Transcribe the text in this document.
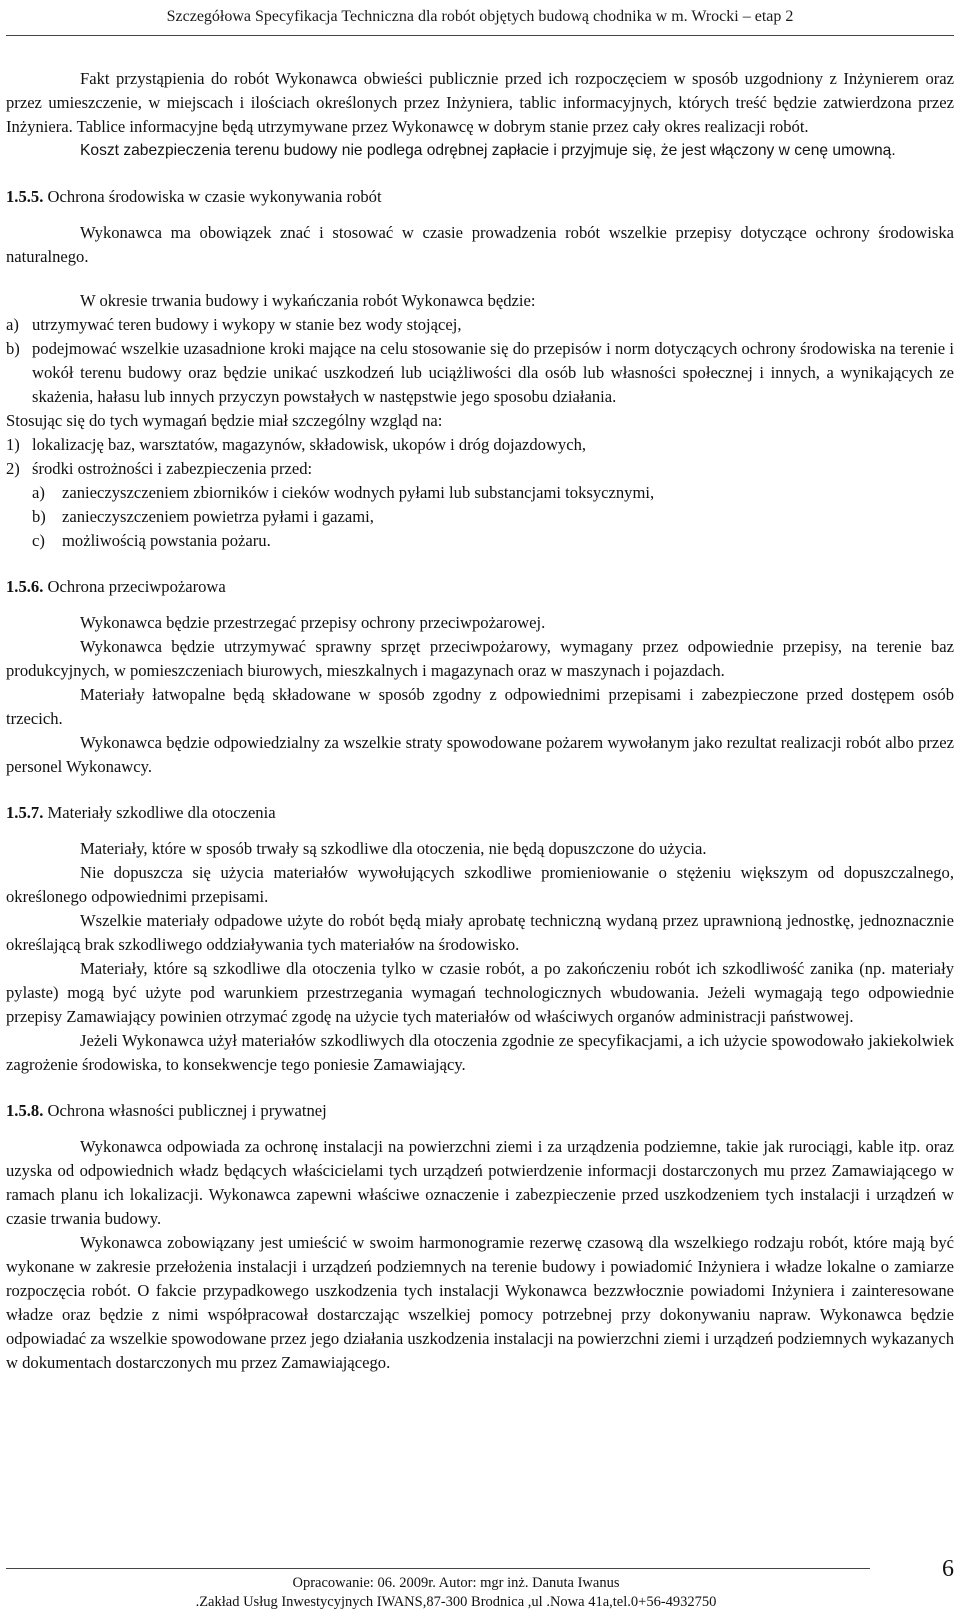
Szczegółowa Specyfikacja Techniczna dla robót objętych budową chodnika w m. Wrocki – etap 2

Fakt przystąpienia do robót Wykonawca obwieści publicznie przed ich rozpoczęciem w sposób uzgodniony z Inżynierem oraz przez umieszczenie, w miejscach i ilościach określonych przez Inżyniera, tablic informacyjnych, których treść będzie zatwierdzona przez Inżyniera. Tablice informacyjne będą utrzymywane przez Wykonawcę w dobrym stanie przez cały okres realizacji robót.

Koszt zabezpieczenia terenu budowy nie podlega odrębnej zapłacie i przyjmuje się, że jest włączony w cenę umowną.

1.5.5. Ochrona środowiska w czasie wykonywania robót

Wykonawca ma obowiązek znać i stosować w czasie prowadzenia robót wszelkie przepisy dotyczące ochrony środowiska naturalnego.

W okresie trwania budowy i wykańczania robót Wykonawca będzie:

a) utrzymywać teren budowy i wykopy w stanie bez wody stojącej,
b) podejmować wszelkie uzasadnione kroki mające na celu stosowanie się do przepisów i norm dotyczących ochrony środowiska na terenie i wokół terenu budowy oraz będzie unikać uszkodzeń lub uciążliwości dla osób lub własności społecznej i innych, a wynikających ze skażenia, hałasu lub innych przyczyn powstałych w następstwie jego sposobu działania.

Stosując się do tych wymagań będzie miał szczególny wzgląd na:

1) lokalizację baz, warsztatów, magazynów, składowisk, ukopów i dróg dojazdowych,
2) środki ostrożności i zabezpieczenia przed:
a)	zanieczyszczeniem zbiorników i cieków wodnych pyłami lub substancjami toksycznymi,
b) zanieczyszczeniem powietrza pyłami i gazami,
c)	możliwością powstania pożaru.

1.5.6. Ochrona przeciwpożarowa

Wykonawca będzie przestrzegać przepisy ochrony przeciwpożarowej.

Wykonawca będzie utrzymywać sprawny sprzęt przeciwpożarowy, wymagany przez odpowiednie przepisy, na terenie baz produkcyjnych, w pomieszczeniach biurowych, mieszkalnych i magazynach oraz w maszynach i pojazdach.

Materiały łatwopalne będą składowane w sposób zgodny z odpowiednimi przepisami i zabezpieczone przed dostępem osób trzecich.

Wykonawca będzie odpowiedzialny za wszelkie straty spowodowane pożarem wywołanym jako rezultat realizacji robót albo przez personel Wykonawcy.

1.5.7. Materiały szkodliwe dla otoczenia

Materiały, które w sposób trwały są szkodliwe dla otoczenia, nie będą dopuszczone do użycia.

Nie dopuszcza się użycia materiałów wywołujących szkodliwe promieniowanie o stężeniu większym od dopuszczalnego, określonego odpowiednimi przepisami.

Wszelkie materiały odpadowe użyte do robót będą miały aprobatę techniczną wydaną przez uprawnioną jednostkę, jednoznacznie określającą brak szkodliwego oddziaływania tych materiałów na środowisko.

Materiały, które są szkodliwe dla otoczenia tylko w czasie robót, a po zakończeniu robót ich szkodliwość zanika (np. materiały pylaste) mogą być użyte pod warunkiem przestrzegania wymagań technologicznych wbudowania. Jeżeli wymagają tego odpowiednie przepisy Zamawiający powinien otrzymać zgodę na użycie tych materiałów od właściwych organów administracji państwowej.

Jeżeli Wykonawca użył materiałów szkodliwych dla otoczenia zgodnie ze specyfikacjami, a ich użycie spowodowało jakiekolwiek zagrożenie środowiska, to konsekwencje tego poniesie Zamawiający.

1.5.8. Ochrona własności publicznej i prywatnej

Wykonawca odpowiada za ochronę instalacji na powierzchni ziemi i za urządzenia podziemne, takie jak rurociągi, kable itp. oraz uzyska od odpowiednich władz będących właścicielami tych urządzeń potwierdzenie informacji dostarczonych mu przez Zamawiającego w ramach planu ich lokalizacji. Wykonawca zapewni właściwe oznaczenie i zabezpieczenie przed uszkodzeniem tych instalacji i urządzeń w czasie trwania budowy.

Wykonawca zobowiązany jest umieścić w swoim harmonogramie rezerwę czasową dla wszelkiego rodzaju robót, które mają być wykonane w zakresie przełożenia instalacji i urządzeń podziemnych na terenie budowy i powiadomić Inżyniera i władze lokalne o zamiarze rozpoczęcia robót. O fakcie przypadkowego uszkodzenia tych instalacji Wykonawca bezzwłocznie powiadomi Inżyniera i zainteresowane władze oraz będzie z nimi współpracował dostarczając wszelkiej pomocy potrzebnej przy dokonywaniu napraw. Wykonawca będzie odpowiadać za wszelkie spowodowane przez jego działania uszkodzenia instalacji na powierzchni ziemi i urządzeń podziemnych wykazanych w dokumentach dostarczonych mu przez Zamawiającego.

Opracowanie: 06. 2009r. Autor: mgr inż. Danuta Iwanus
.Zakład Usług Inwestycyjnych IWANS,87-300 Brodnica ,ul .Nowa 41a,tel.0+56-4932750
6
